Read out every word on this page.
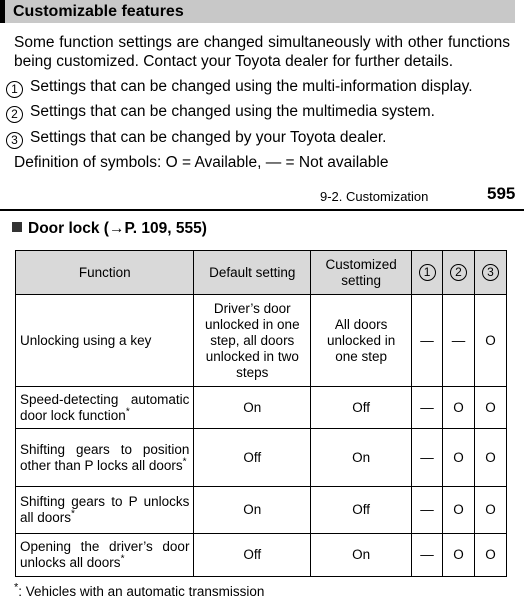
Customizable features
Some function settings are changed simultaneously with other functions being customized. Contact your Toyota dealer for further details.
1 Settings that can be changed using the multi-information display.
2 Settings that can be changed using the multimedia system.
3 Settings that can be changed by your Toyota dealer.
Definition of symbols: O = Available, — = Not available
9-2. Customization	595
Door lock (→P. 109, 555)
Function	Default setting	Customized setting	1	2	3
Unlocking using a key	Driver’s door unlocked in one step, all doors unlocked in two steps	All doors unlocked in one step	—	—	O
Speed-detecting automatic door lock function*	On	Off	—	O	O
Shifting gears to position other than P locks all doors*	Off	On	—	O	O
Shifting gears to P unlocks all doors*	On	Off	—	O	O
Opening the driver’s door unlocks all doors*	Off	On	—	O	O
*: Vehicles with an automatic transmission
